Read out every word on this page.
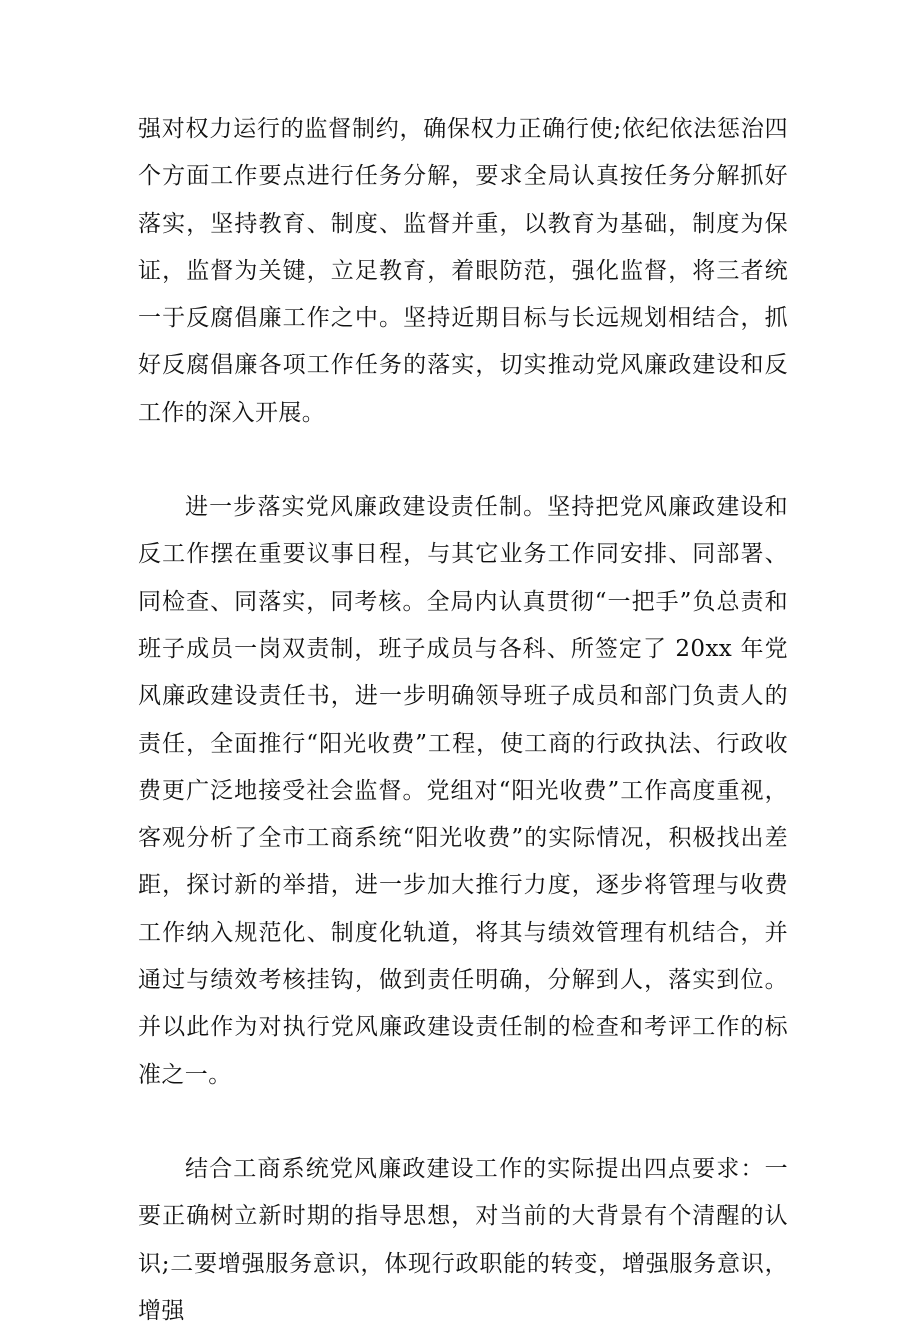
强对权力运行的监督制约，确保权力正确行使;依纪依法惩治四个方面工作要点进行任务分解，要求全局认真按任务分解抓好落实，坚持教育、制度、监督并重，以教育为基础，制度为保证，监督为关键，立足教育，着眼防范，强化监督，将三者统一于反腐倡廉工作之中。坚持近期目标与长远规划相结合，抓好反腐倡廉各项工作任务的落实，切实推动党风廉政建设和反工作的深入开展。

进一步落实党风廉政建设责任制。坚持把党风廉政建设和反工作摆在重要议事日程，与其它业务工作同安排、同部署、同检查、同落实，同考核。全局内认真贯彻“一把手”负总责和班子成员一岗双责制，班子成员与各科、所签定了 20xx 年党风廉政建设责任书，进一步明确领导班子成员和部门负责人的责任，全面推行“阳光收费”工程，使工商的行政执法、行政收费更广泛地接受社会监督。党组对“阳光收费”工作高度重视，客观分析了全市工商系统“阳光收费”的实际情况，积极找出差距，探讨新的举措，进一步加大推行力度，逐步将管理与收费工作纳入规范化、制度化轨道，将其与绩效管理有机结合，并通过与绩效考核挂钩，做到责任明确，分解到人，落实到位。并以此作为对执行党风廉政建设责任制的检查和考评工作的标准之一。

结合工商系统党风廉政建设工作的实际提出四点要求：一要正确树立新时期的指导思想，对当前的大背景有个清醒的认识;二要增强服务意识，体现行政职能的转变，增强服务意识，增强
